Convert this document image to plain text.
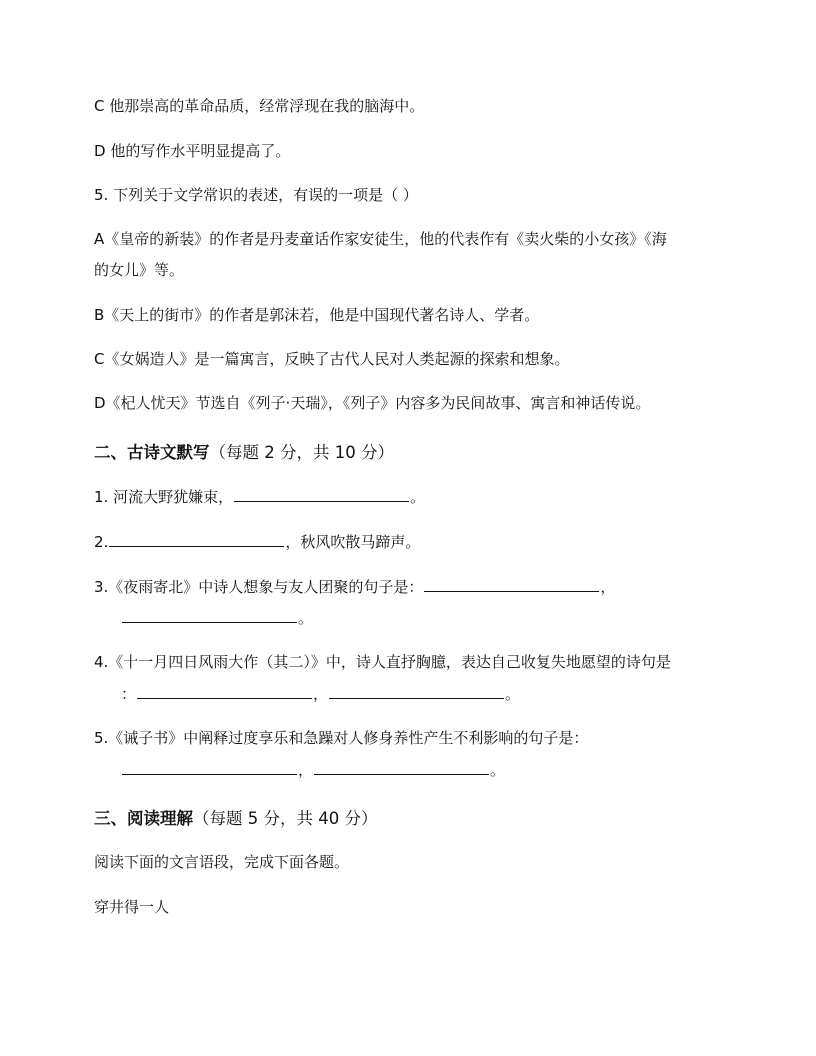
C 他那崇高的革命品质，经常浮现在我的脑海中。
D 他的写作水平明显提高了。
5. 下列关于文学常识的表述，有误的一项是（ ）
A《皇帝的新装》的作者是丹麦童话作家安徒生，他的代表作有《卖火柴的小女孩》《海
的女儿》等。
B《天上的街市》的作者是郭沫若，他是中国现代著名诗人、学者。
C《女娲造人》是一篇寓言，反映了古代人民对人类起源的探索和想象。
D《杞人忧天》节选自《列子·天瑞》，《列子》内容多为民间故事、寓言和神话传说。
二、古诗文默写（每题 2 分，共 10 分）
1. 河流大野犹嫌束，	。
2.	，秋风吹散马蹄声。
3.《夜雨寄北》中诗人想象与友人团聚的句子是：	，
。
4.《十一月四日风雨大作（其二）》中，诗人直抒胸臆，表达自己收复失地愿望的诗句是
：	，	。
5.《诫子书》中阐释过度享乐和急躁对人修身养性产生不利影响的句子是：
，	。
三、阅读理解（每题 5 分，共 40 分）
阅读下面的文言语段，完成下面各题。
穿井得一人
